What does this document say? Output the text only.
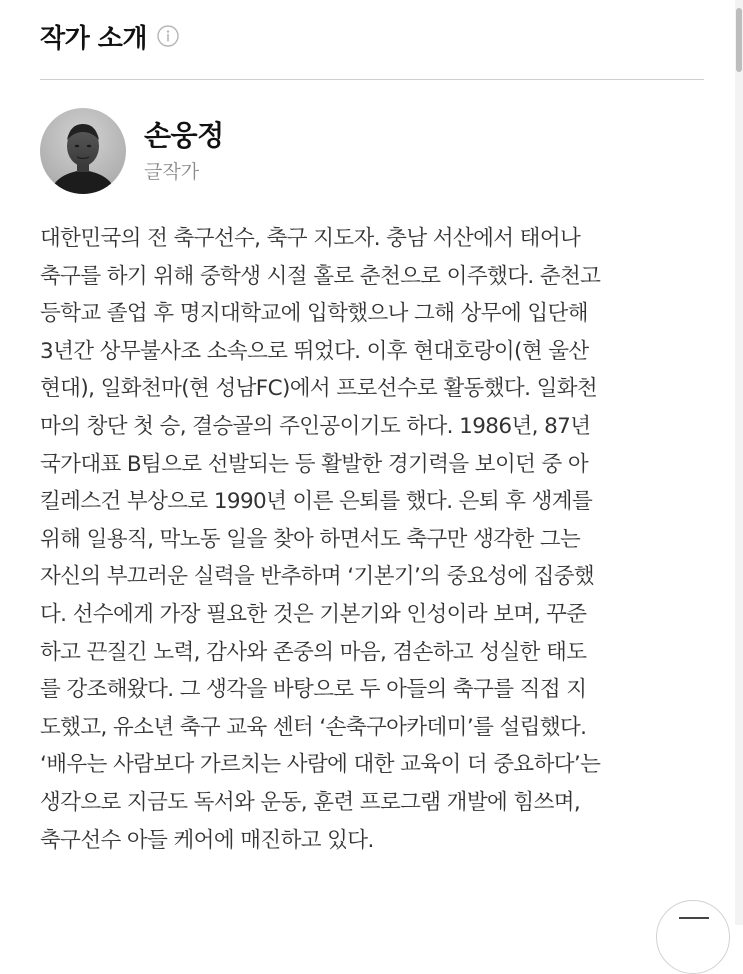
작가 소개
손웅정
글작가
대한민국의 전 축구선수, 축구 지도자. 충남 서산에서 태어나
축구를 하기 위해 중학생 시절 홀로 춘천으로 이주했다. 춘천고
등학교 졸업 후 명지대학교에 입학했으나 그해 상무에 입단해
3년간 상무불사조 소속으로 뛰었다. 이후 현대호랑이(현 울산
현대), 일화천마(현 성남FC)에서 프로선수로 활동했다. 일화천
마의 창단 첫 승, 결승골의 주인공이기도 하다. 1986년, 87년
국가대표 B팀으로 선발되는 등 활발한 경기력을 보이던 중 아
킬레스건 부상으로 1990년 이른 은퇴를 했다. 은퇴 후 생계를
위해 일용직, 막노동 일을 찾아 하면서도 축구만 생각한 그는
자신의 부끄러운 실력을 반추하며 ‘기본기’의 중요성에 집중했
다. 선수에게 가장 필요한 것은 기본기와 인성이라 보며, 꾸준
하고 끈질긴 노력, 감사와 존중의 마음, 겸손하고 성실한 태도
를 강조해왔다. 그 생각을 바탕으로 두 아들의 축구를 직접 지
도했고, 유소년 축구 교육 센터 ‘손축구아카데미’를 설립했다.
‘배우는 사람보다 가르치는 사람에 대한 교육이 더 중요하다’는
생각으로 지금도 독서와 운동, 훈련 프로그램 개발에 힘쓰며,
축구선수 아들 케어에 매진하고 있다.
